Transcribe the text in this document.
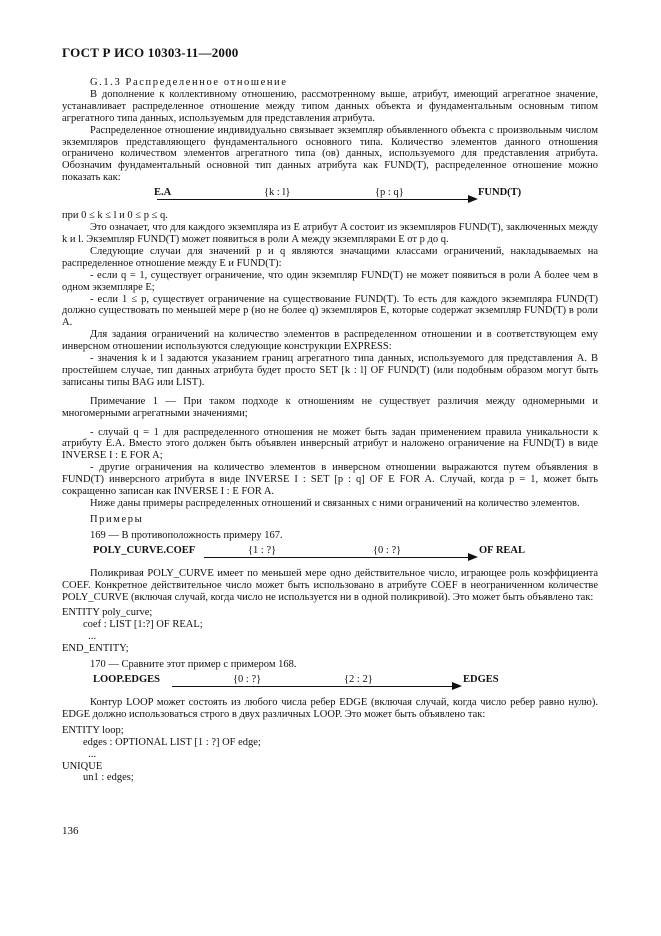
ГОСТ Р ИСО 10303-11—2000

G.1.3 Распределенное отношение

В дополнение к коллективному отношению, рассмотренному выше, атрибут, имеющий агрегатное значение, устанавливает распределенное отношение между типом данных объекта и фундаментальным основным типом агрегатного типа данных, используемым для представления атрибута.

Распределенное отношение индивидуально связывает экземпляр объявленного объекта с произвольным числом экземпляров представляющего фундаментального основного типа. Количество элементов данного отношения ограничено количеством элементов агрегатного типа (ов) данных, используемого для представления атрибута. Обозначим фундаментальный основной тип данных атрибута как FUND(T), распределенное отношение можно показать как:

E.A	{k : l}	{p : q}	FUND(T)

при 0 ≤ k ≤ l и 0 ≤ p ≤ q.

Это означает, что для каждого экземпляра из E атрибут A состоит из экземпляров FUND(T), заключенных между k и l. Экземпляр FUND(T) может появиться в роли A между экземплярами E от p до q.

Следующие случаи для значений p и q являются значащими классами ограничений, накладываемых на распределенное отношение между E и FUND(T):

- если q = 1, существует ограничение, что один экземпляр FUND(T) не может появиться в роли A более чем в одном экземпляре E;

- если 1 ≤ p, существует ограничение на существование FUND(T). То есть для каждого экземпляра FUND(T) должно существовать по меньшей мере p (но не более q) экземпляров E, которые содержат экземпляр FUND(T) в роли A.

Для задания ограничений на количество элементов в распределенном отношении и в соответствующем ему инверсном отношении используются следующие конструкции EXPRESS:

- значения k и l задаются указанием границ агрегатного типа данных, используемого для представления A. В простейшем случае, тип данных атрибута будет просто SET [k : l] OF FUND(T) (или подобным образом могут быть записаны типы BAG или LIST).

Примечание 1 — При таком подходе к отношениям не существует различия между одномерными и многомерными агрегатными значениями;

- случай q = 1 для распределенного отношения не может быть задан применением правила уникальности к атрибуту E.A. Вместо этого должен быть объявлен инверсный атрибут и наложено ограничение на FUND(T) в виде INVERSE I : E FOR A;

- другие ограничения на количество элементов в инверсном отношении выражаются путем объявления в FUND(T) инверсного атрибута в виде INVERSE I : SET [p : q] OF E FOR A. Случай, когда p = 1, может быть сокращенно записан как INVERSE I : E FOR A.

Ниже даны примеры распределенных отношений и связанных с ними ограничений на количество элементов.

Примеры

169 — В противоположность примеру 167.

POLY_CURVE.COEF	{1 : ?}	{0 : ?}	OF REAL

Поликривая POLY_CURVE имеет по меньшей мере одно действительное число, играющее роль коэффициента COEF. Конкретное действительное число может быть использовано в атрибуте COEF в неограниченном количестве POLY_CURVE (включая случай, когда число не используется ни в одной поликривой). Это может быть объявлено так:

ENTITY poly_curve;
coef : LIST [1:?] OF REAL;
...
END_ENTITY;

170 — Сравните этот пример с примером 168.

LOOP.EDGES	{0 : ?}	{2 : 2}	EDGES

Контур LOOP может состоять из любого числа ребер EDGE (включая случай, когда число ребер равно нулю). EDGE должно использоваться строго в двух различных LOOP. Это может быть объявлено так:

ENTITY loop;
edges : OPTIONAL LIST [1 : ?] OF edge;
...
UNIQUE
un1 : edges;
136
